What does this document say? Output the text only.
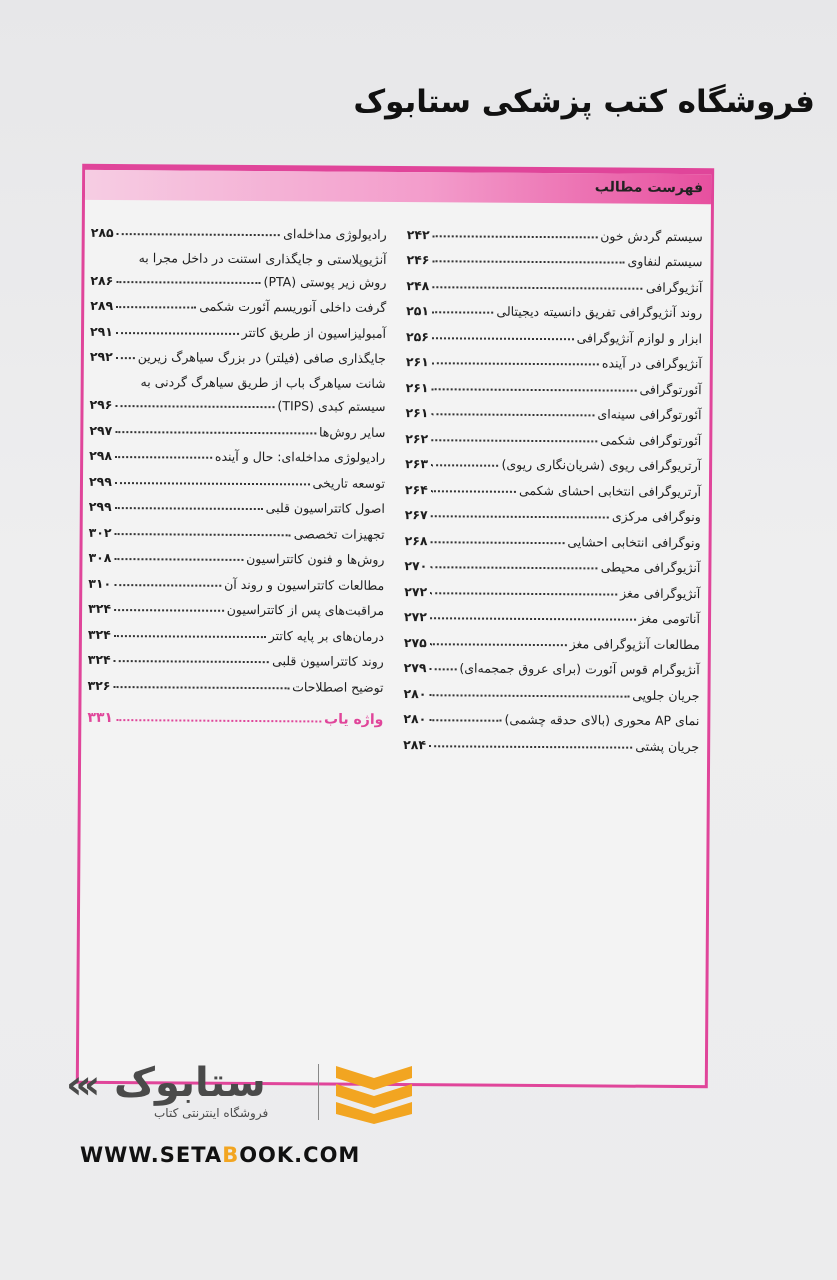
فروشگاه کتب پزشکی ستابوک
فهرست مطالب
سیستم گردش خون
۲۴۲
سیستم لنفاوی
۲۴۶
آنژیوگرافی
۲۴۸
روند آنژیوگرافی تفریق دانسیته دیجیتالی
۲۵۱
ابزار و لوازم آنژیوگرافی
۲۵۶
آنژیوگرافی در آینده
۲۶۱
آئورتوگرافی
۲۶۱
آئورتوگرافی سینه‌ای
۲۶۱
آئورتوگرافی شکمی
۲۶۲
آرتریوگرافی ریوی (شریان‌نگاری ریوی)
۲۶۳
آرتریوگرافی انتخابی احشای شکمی
۲۶۴
ونوگرافی مرکزی
۲۶۷
ونوگرافی انتخابی احشایی
۲۶۸
آنژیوگرافی محیطی
۲۷۰
آنژیوگرافی مغز
۲۷۲
آناتومی مغز
۲۷۲
مطالعات آنژیوگرافی مغز
۲۷۵
آنژیوگرام قوس آئورت (برای عروق جمجمه‌ای)
۲۷۹
جریان جلویی
۲۸۰
نمای AP محوری (بالای حدقه چشمی)
۲۸۰
جریان پشتی
۲۸۴
رادیولوژی مداخله‌ای
۲۸۵
آنژیوپلاستی و جایگذاری استنت در داخل مجرا به
روش زیر پوستی (PTA)
۲۸۶
گرفت داخلی آنوریسم آئورت شکمی
۲۸۹
آمبولیزاسیون از طریق کاتتر
۲۹۱
جایگذاری صافی (فیلتر) در بزرگ سیاهرگ زیرین
۲۹۲
شانت سیاهرگ باب از طریق سیاهرگ گردنی به
سیستم کبدی (TIPS)
۲۹۶
سایر روش‌ها
۲۹۷
رادیولوژی مداخله‌ای: حال و آینده
۲۹۸
توسعه تاریخی
۲۹۹
اصول کاتتراسیون قلبی
۲۹۹
تجهیزات تخصصی
۳۰۲
روش‌ها و فنون کاتتراسیون
۳۰۸
مطالعات کاتتراسیون و روند آن
۳۱۰
مراقبت‌های پس از کاتتراسیون
۳۲۴
درمان‌های بر پایه کاتتر
۳۲۴
روند کاتتراسیون قلبی
۳۲۴
توضیح اصطلاحات
۳۲۶
واژه یاب
۳۳۱
«‹ ستابوک
فروشگاه اینترنتی کتاب
WWW.SETABOOK.COM
